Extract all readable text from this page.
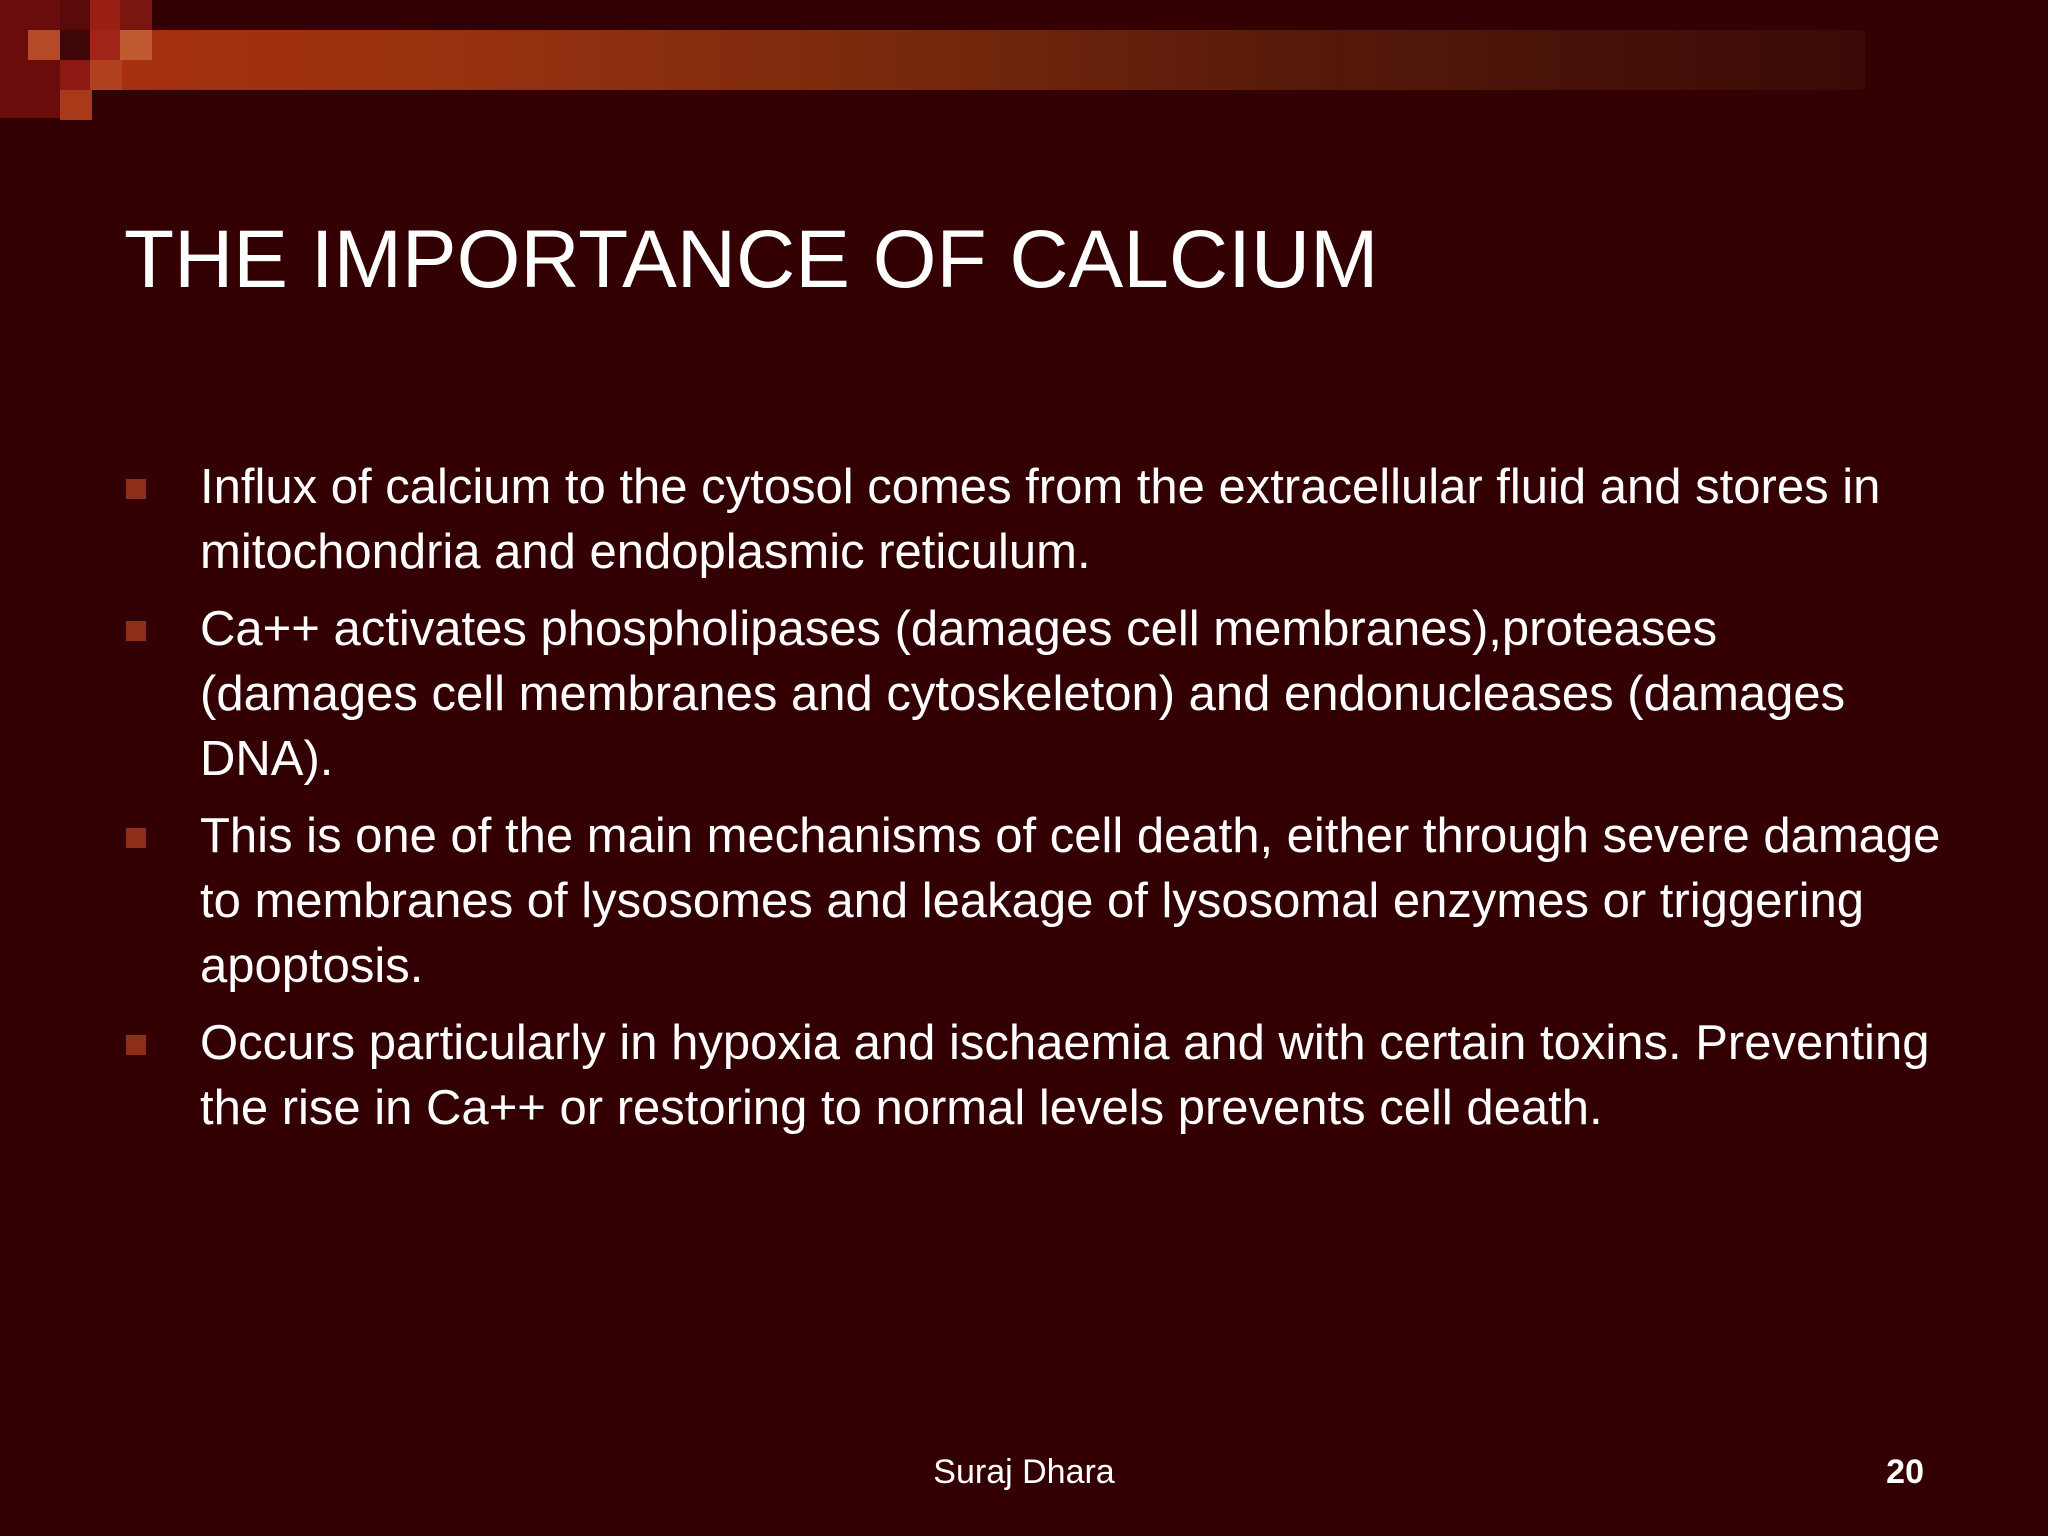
THE IMPORTANCE OF CALCIUM
Influx of calcium to the cytosol comes from the extracellular fluid and stores in mitochondria and endoplasmic reticulum.
Ca++ activates phospholipases (damages cell membranes),proteases (damages cell membranes and cytoskeleton) and endonucleases (damages DNA).
This is one of the main mechanisms of cell death, either through severe damage to membranes of lysosomes and leakage of lysosomal enzymes or triggering apoptosis.
Occurs particularly in hypoxia and ischaemia and with certain toxins. Preventing the rise in Ca++ or restoring to normal levels prevents cell death.
Suraj Dhara	20
